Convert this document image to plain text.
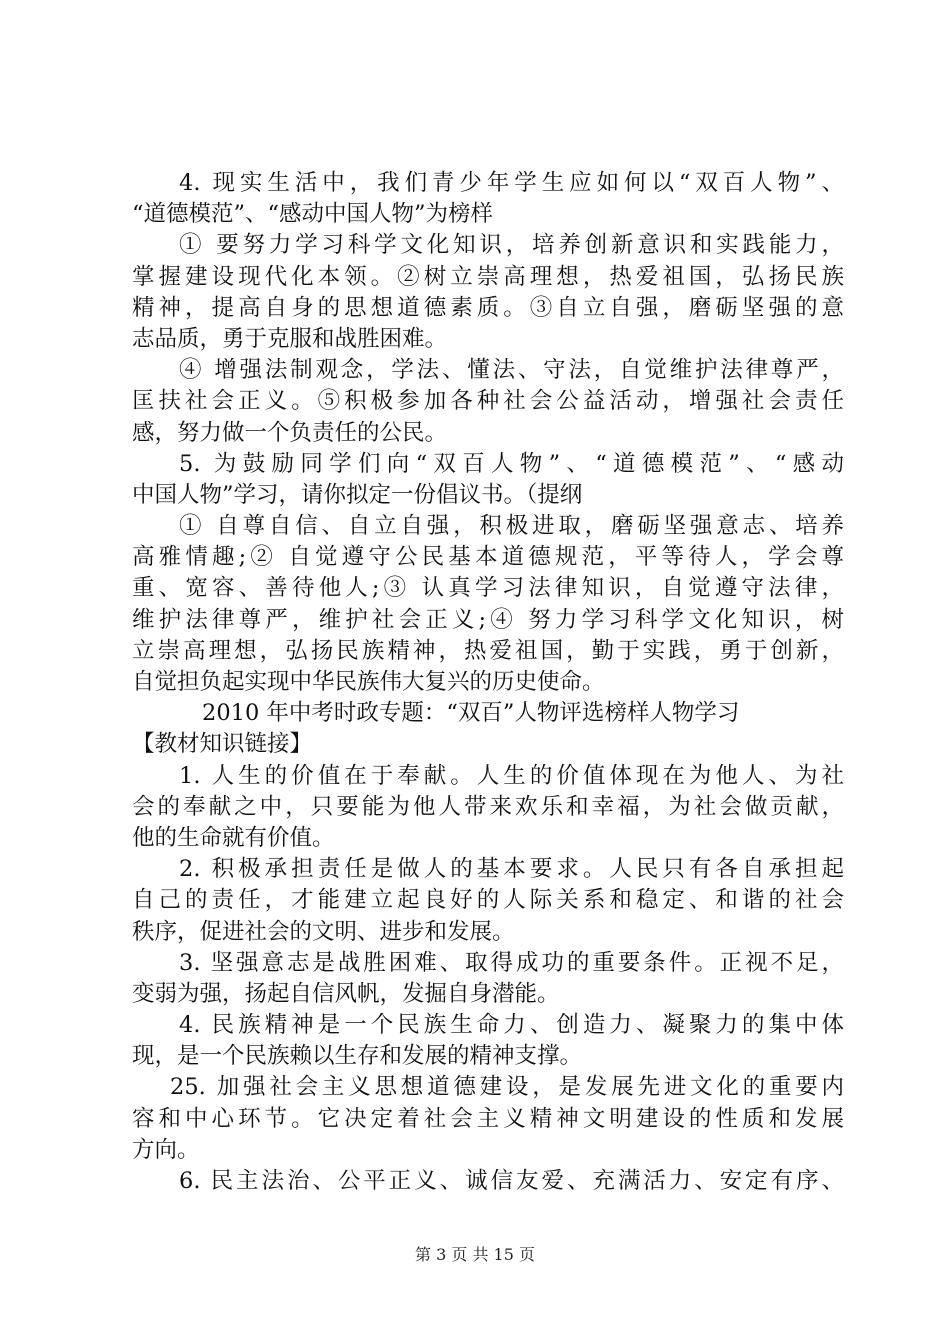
4. 现实生活中，我们青少年学生应如何以“双百人物”、
“道德模范”、“感动中国人物”为榜样
① 要努力学习科学文化知识，培养创新意识和实践能力，
掌握建设现代化本领。②树立崇高理想，热爱祖国，弘扬民族
精神，提高自身的思想道德素质。③自立自强，磨砺坚强的意
志品质，勇于克服和战胜困难。
④ 增强法制观念，学法、懂法、守法，自觉维护法律尊严，
匡扶社会正义。⑤积极参加各种社会公益活动，增强社会责任
感，努力做一个负责任的公民。
5. 为鼓励同学们向“双百人物”、“道德模范”、“感动
中国人物”学习，请你拟定一份倡议书。（提纲
① 自尊自信、自立自强，积极进取，磨砺坚强意志、培养
高雅情趣;② 自觉遵守公民基本道德规范，平等待人，学会尊
重、宽容、善待他人;③ 认真学习法律知识，自觉遵守法律，
维护法律尊严，维护社会正义;④ 努力学习科学文化知识，树
立崇高理想，弘扬民族精神，热爱祖国，勤于实践，勇于创新，
自觉担负起实现中华民族伟大复兴的历史使命。
2010 年中考时政专题：“双百”人物评选榜样人物学习
【教材知识链接】
1. 人生的价值在于奉献。人生的价值体现在为他人、为社
会的奉献之中，只要能为他人带来欢乐和幸福，为社会做贡献，
他的生命就有价值。
2. 积极承担责任是做人的基本要求。人民只有各自承担起
自己的责任，才能建立起良好的人际关系和稳定、和谐的社会
秩序，促进社会的文明、进步和发展。
3. 坚强意志是战胜困难、取得成功的重要条件。正视不足，
变弱为强，扬起自信风帆，发掘自身潜能。
4. 民族精神是一个民族生命力、创造力、凝聚力的集中体
现，是一个民族赖以生存和发展的精神支撑。
25. 加强社会主义思想道德建设，是发展先进文化的重要内
容和中心环节。它决定着社会主义精神文明建设的性质和发展
方向。
6. 民主法治、公平正义、诚信友爱、充满活力、安定有序、
第 3 页 共 15 页
